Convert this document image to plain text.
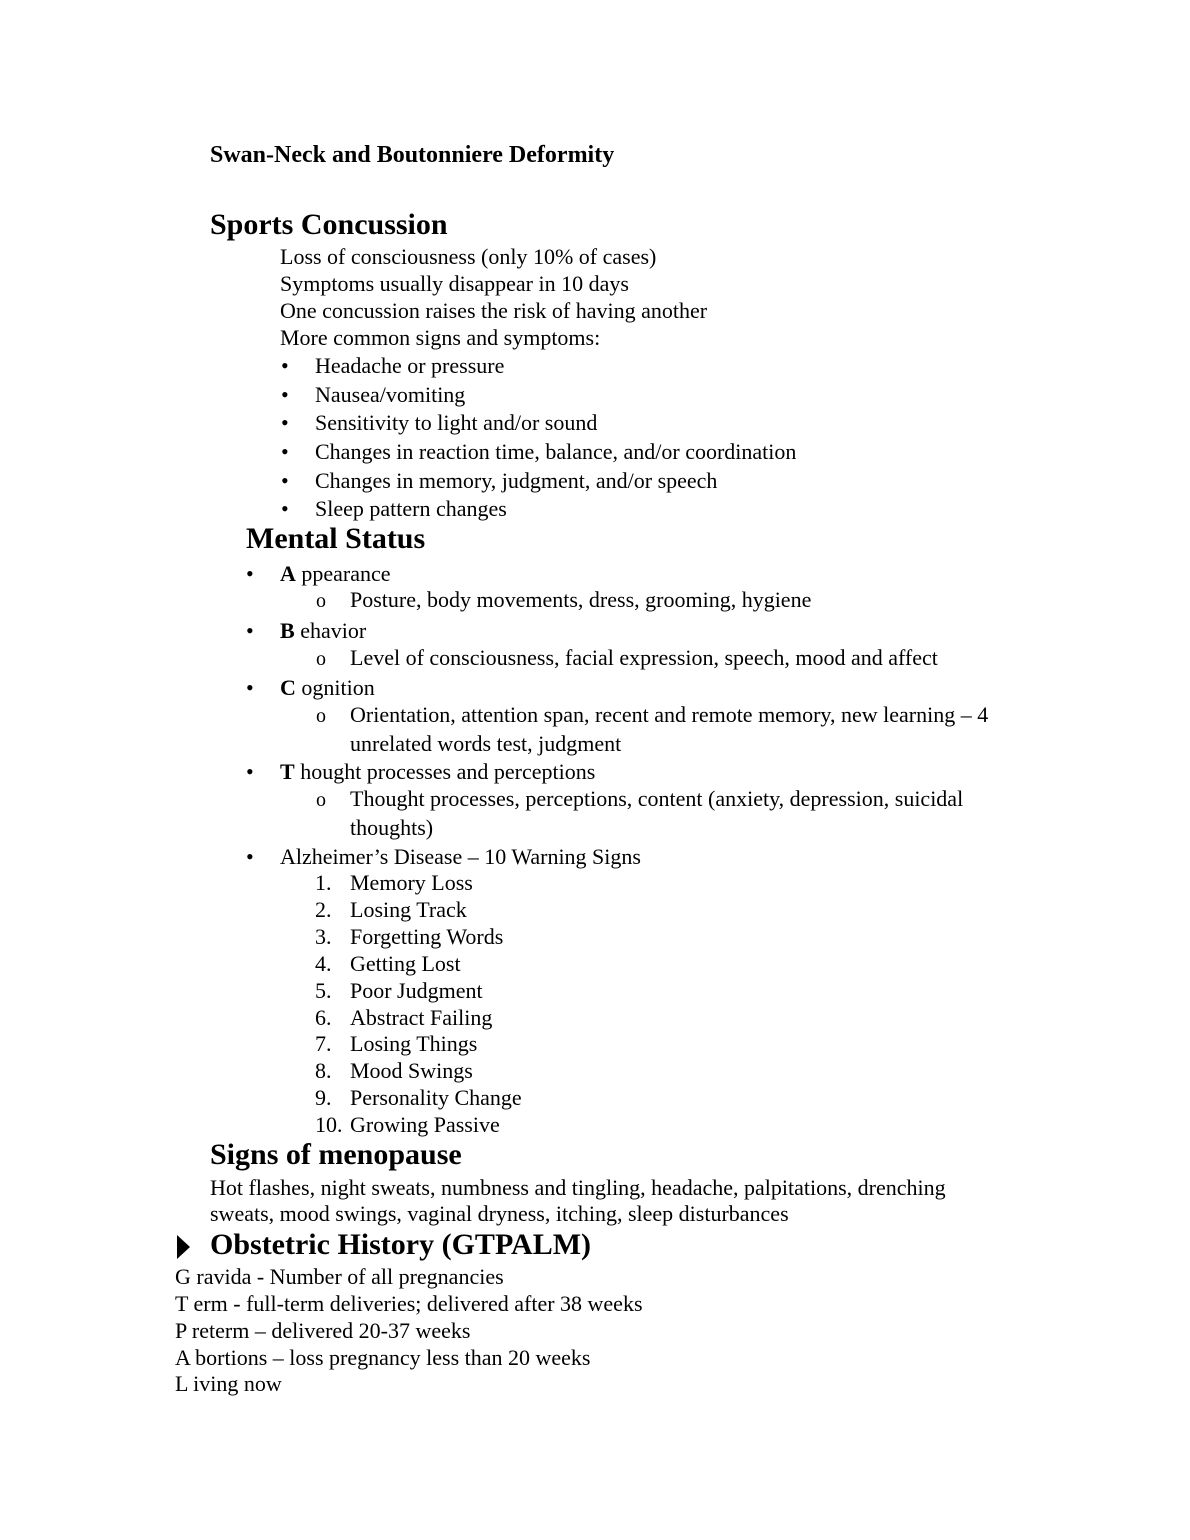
Swan-Neck and Boutonniere Deformity
Sports Concussion
Loss of consciousness (only 10% of cases)
Symptoms usually disappear in 10 days
One concussion raises the risk of having another
More common signs and symptoms:
• Headache or pressure
• Nausea/vomiting
• Sensitivity to light and/or sound
• Changes in reaction time, balance, and/or coordination
• Changes in memory, judgment, and/or speech
• Sleep pattern changes
Mental Status
• A ppearance
o Posture, body movements, dress, grooming, hygiene
• B ehavior
o Level of consciousness, facial expression, speech, mood and affect
• C ognition
o Orientation, attention span, recent and remote memory, new learning – 4
unrelated words test, judgment
• T hought processes and perceptions
o Thought processes, perceptions, content (anxiety, depression, suicidal
thoughts)
• Alzheimer’s Disease – 10 Warning Signs
1. Memory Loss
2. Losing Track
3. Forgetting Words
4. Getting Lost
5. Poor Judgment
6. Abstract Failing
7. Losing Things
8. Mood Swings
9. Personality Change
10. Growing Passive
Signs of menopause
Hot flashes, night sweats, numbness and tingling, headache, palpitations, drenching
sweats, mood swings, vaginal dryness, itching, sleep disturbances
Obstetric History (GTPALM)
G ravida - Number of all pregnancies
T erm - full-term deliveries; delivered after 38 weeks
P reterm – delivered 20-37 weeks
A bortions – loss pregnancy less than 20 weeks
L iving now
